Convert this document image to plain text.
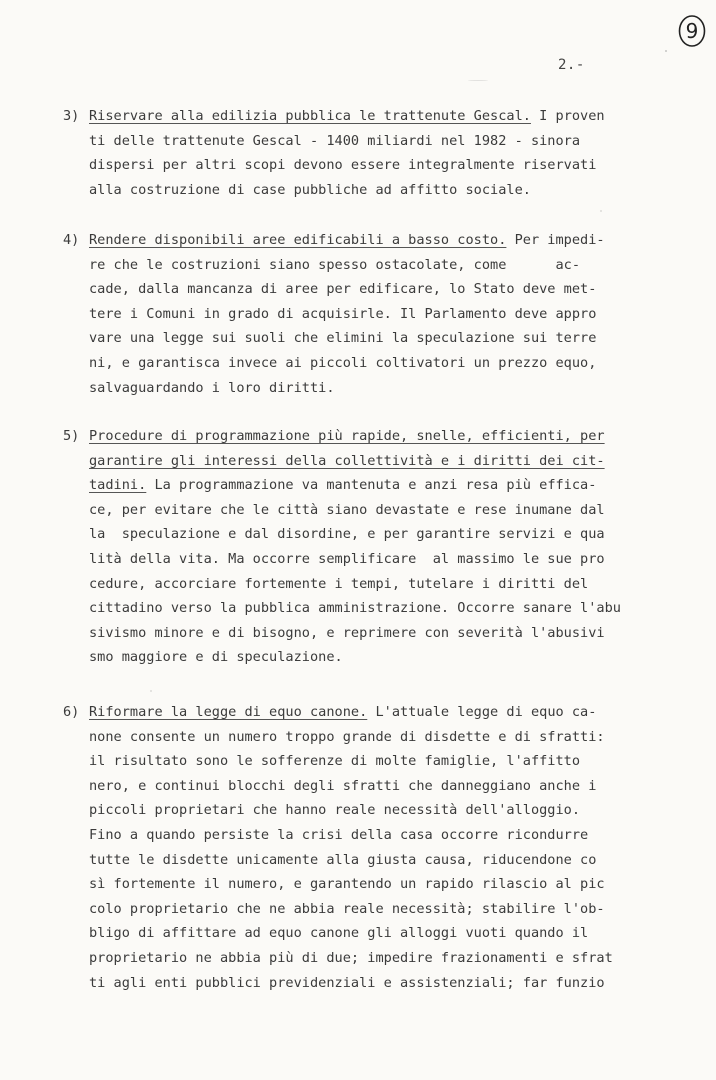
9
2.-
3) Riservare alla edilizia pubblica le trattenute Gescal. I proven
ti delle trattenute Gescal - 1400 miliardi nel 1982 - sinora
dispersi per altri scopi devono essere integralmente riservati
alla costruzione di case pubbliche ad affitto sociale.
4) Rendere disponibili aree edificabili a basso costo. Per impedi-
re che le costruzioni siano spesso ostacolate, come      ac-
cade, dalla mancanza di aree per edificare, lo Stato deve met-
tere i Comuni in grado di acquisirle. Il Parlamento deve appro
vare una legge sui suoli che elimini la speculazione sui terre
ni, e garantisca invece ai piccoli coltivatori un prezzo equo,
salvaguardando i loro diritti.
5) Procedure di programmazione più rapide, snelle, efficienti, per
garantire gli interessi della collettività e i diritti dei cit-
tadini. La programmazione va mantenuta e anzi resa più effica-
ce, per evitare che le città siano devastate e rese inumane dal
la  speculazione e dal disordine, e per garantire servizi e qua
lità della vita. Ma occorre semplificare  al massimo le sue pro
cedure, accorciare fortemente i tempi, tutelare i diritti del
cittadino verso la pubblica amministrazione. Occorre sanare l'abu
sivismo minore e di bisogno, e reprimere con severità l'abusivi
smo maggiore e di speculazione.
6) Riformare la legge di equo canone. L'attuale legge di equo ca-
none consente un numero troppo grande di disdette e di sfratti:
il risultato sono le sofferenze di molte famiglie, l'affitto
nero, e continui blocchi degli sfratti che danneggiano anche i
piccoli proprietari che hanno reale necessità dell'alloggio.
Fino a quando persiste la crisi della casa occorre ricondurre
tutte le disdette unicamente alla giusta causa, riducendone co
sì fortemente il numero, e garantendo un rapido rilascio al pic
colo proprietario che ne abbia reale necessità; stabilire l'ob-
bligo di affittare ad equo canone gli alloggi vuoti quando il
proprietario ne abbia più di due; impedire frazionamenti e sfrat
ti agli enti pubblici previdenziali e assistenziali; far funzio
